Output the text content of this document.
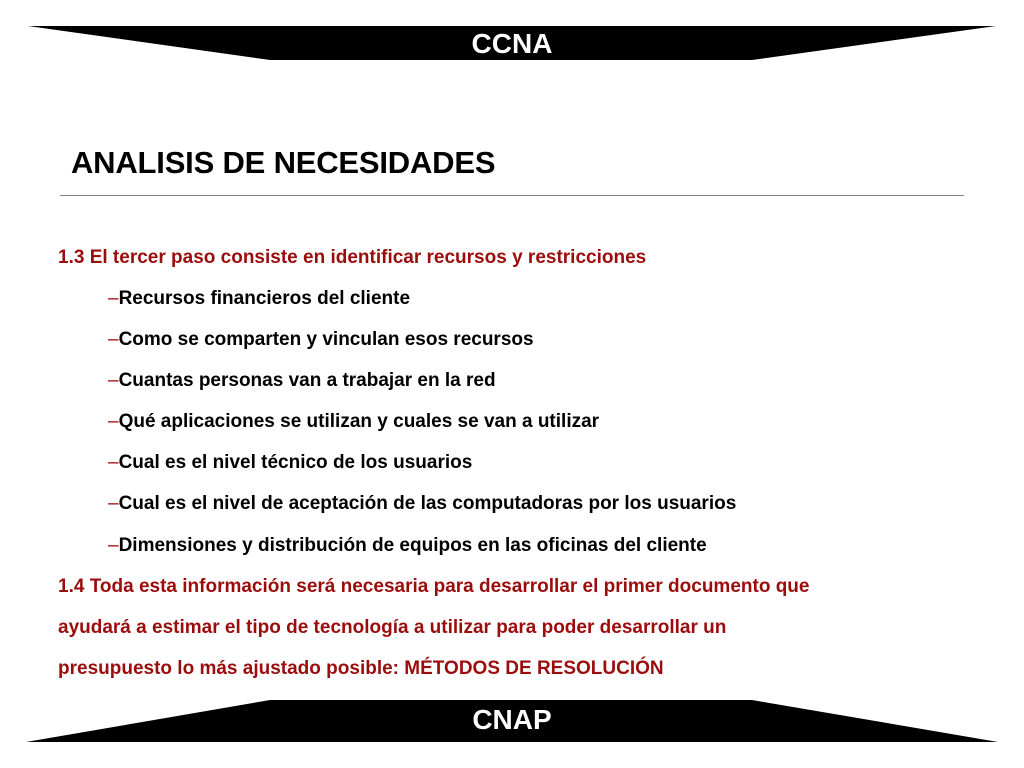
CCNA
ANALISIS DE NECESIDADES
1.3 El tercer paso consiste en identificar recursos y restricciones
–Recursos financieros del cliente
–Como se comparten y vinculan esos recursos
–Cuantas personas van a trabajar en la red
–Qué aplicaciones se utilizan y cuales se van a utilizar
–Cual es el nivel técnico de los usuarios
–Cual es el nivel de aceptación de las computadoras por los usuarios
–Dimensiones y distribución de equipos en las oficinas del cliente
1.4 Toda esta información será necesaria para desarrollar el primer documento que
ayudará a estimar el tipo de tecnología a utilizar para poder desarrollar un
presupuesto lo más ajustado posible: MÉTODOS DE RESOLUCIÓN
CNAP
